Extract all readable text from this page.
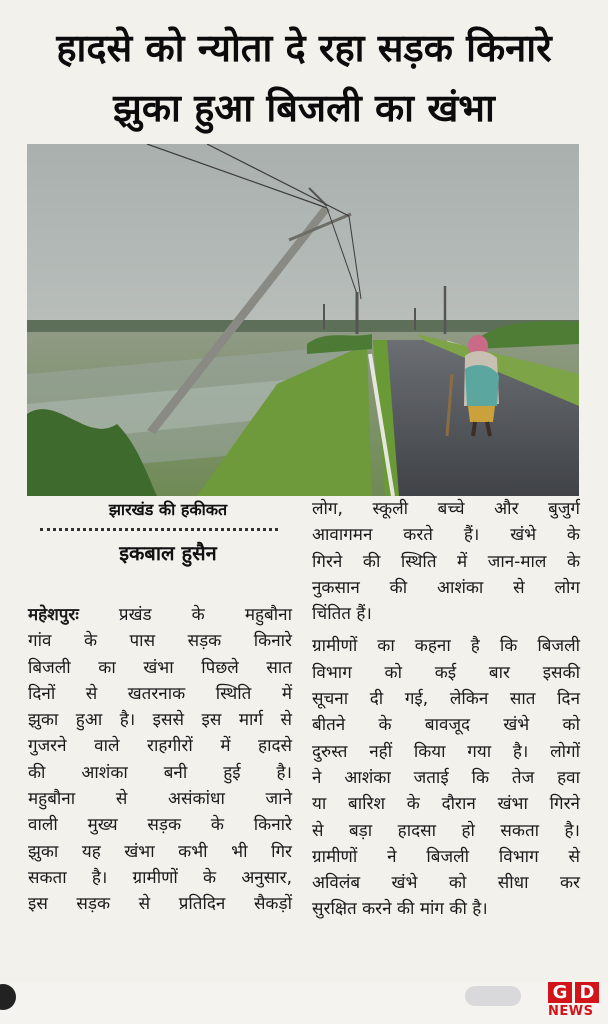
हादसे को न्योता दे रहा सड़क किनारे
झुका हुआ बिजली का खंभा
झारखंड की हकीकत
इकबाल हुसैन
महेशपुरः प्रखंड के महुबौना
गांव के पास सड़क किनारे
बिजली का खंभा पिछले सात
दिनों से खतरनाक स्थिति में
झुका हुआ है। इससे इस मार्ग से
गुजरने वाले राहगीरों में हादसे
की आशंका बनी हुई है।
महुबौना से असंकांधा जाने
वाली मुख्य सड़क के किनारे
झुका यह खंभा कभी भी गिर
सकता है। ग्रामीणों के अनुसार,
इस सड़क से प्रतिदिन सैकड़ों
लोग, स्कूली बच्चे और बुजुर्ग
आवागमन करते हैं। खंभे के
गिरने की स्थिति में जान-माल के
नुकसान की आशंका से लोग
चिंतित हैं।
ग्रामीणों का कहना है कि बिजली
विभाग को कई बार इसकी
सूचना दी गई, लेकिन सात दिन
बीतने के बावजूद खंभे को
दुरुस्त नहीं किया गया है। लोगों
ने आशंका जताई कि तेज हवा
या बारिश के दौरान खंभा गिरने
से बड़ा हादसा हो सकता है।
ग्रामीणों ने बिजली विभाग से
अविलंब खंभे को सीधा कर
सुरक्षित करने की मांग की है।
G D
NEWS
